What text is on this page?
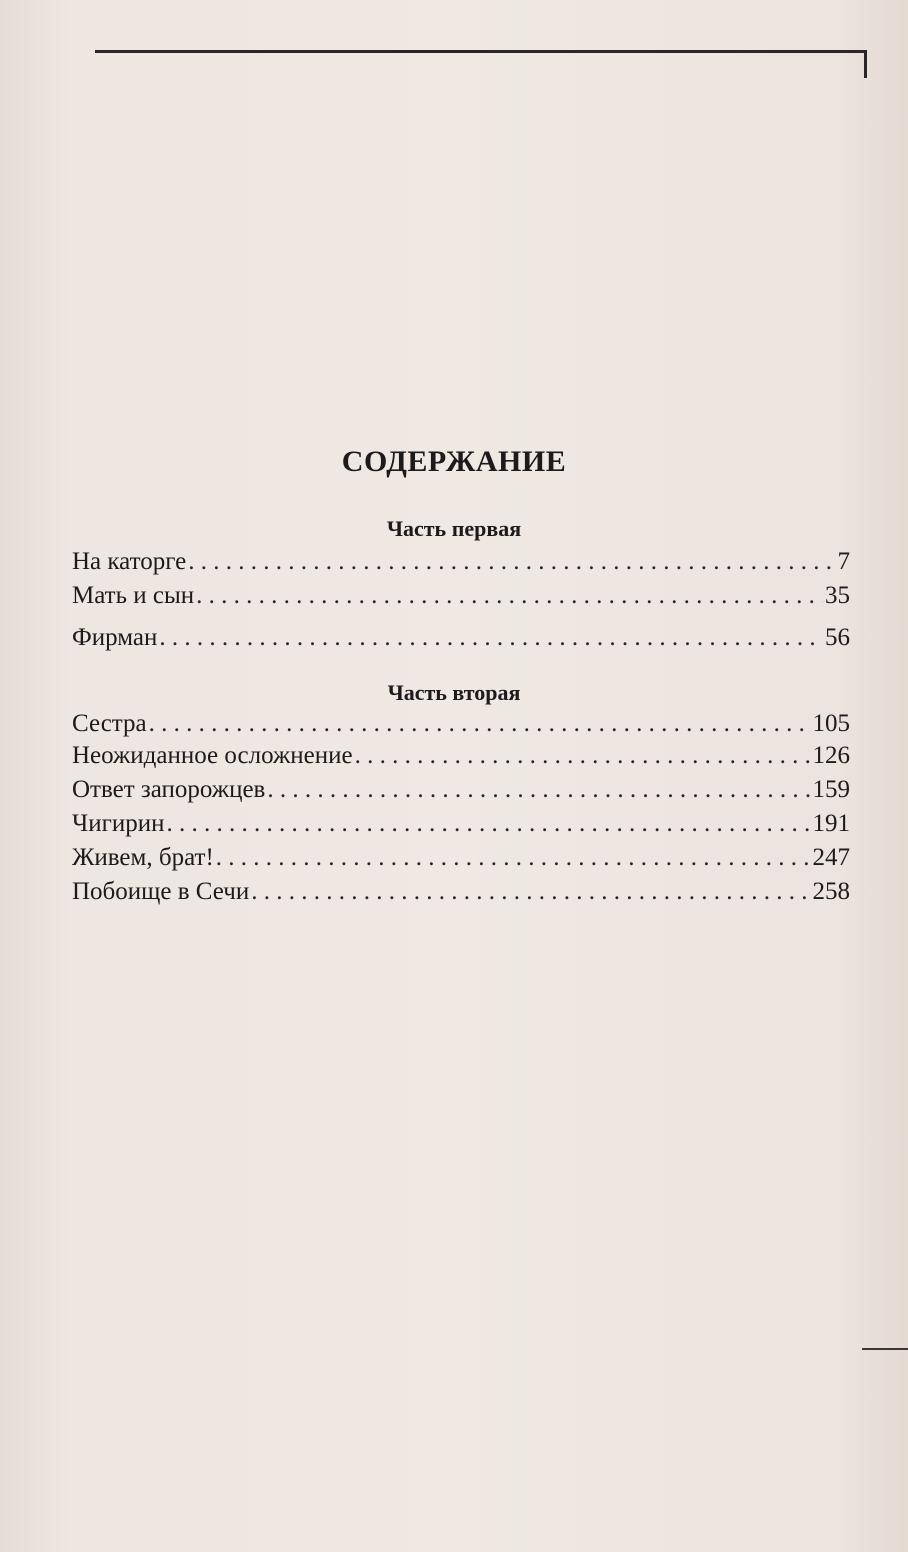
СОДЕРЖАНИЕ
Часть первая
На каторге . . .	7
Мать и сын . . .	35
Фирман . . .	56
Часть вторая
Сестра . . .	105
Неожиданное осложнение . . .	126
Ответ запорожцев . . .	159
Чигирин . . .	191
Живем, брат! . . .	247
Побоище в Сечи . . .	258
